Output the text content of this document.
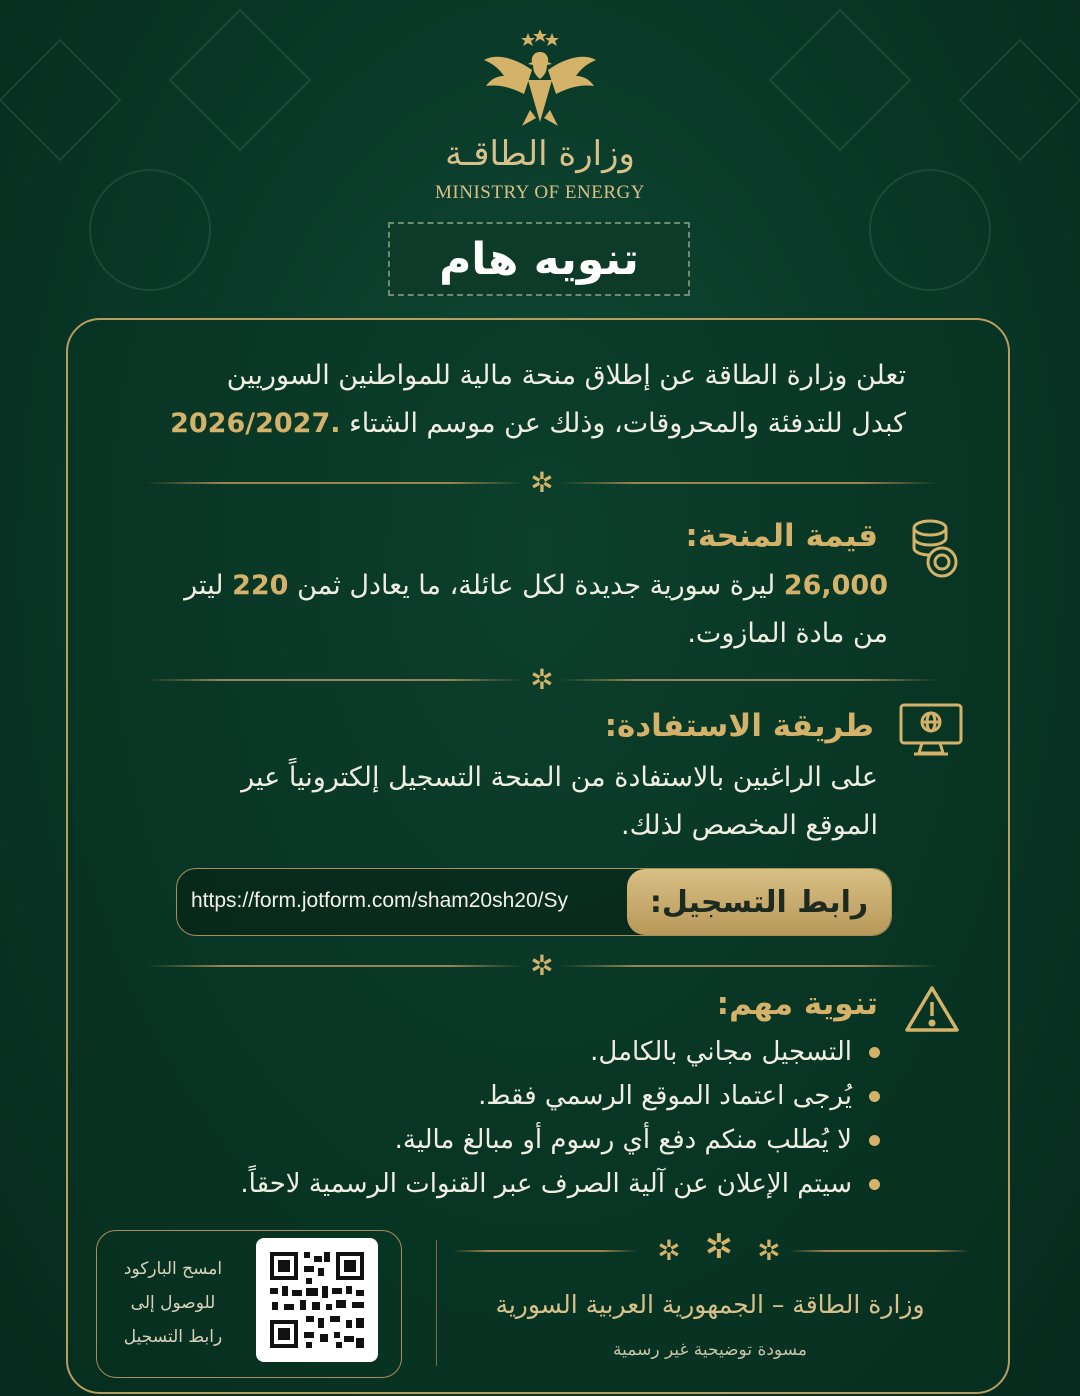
وزارة الطاقـة
MINISTRY OF ENERGY
تنويه هام
تعلن وزارة الطاقة عن إطلاق منحة مالية للمواطنين السوريين
كبدل للتدفئة والمحروقات، وذلك عن موسم الشتاء .2026/2027
✲
قيمة المنحة:
26,000 ليرة سورية جديدة لكل عائلة، ما يعادل ثمن 220 ليتر
من مادة المازوت.
✲
طريقة الاستفادة:
على الراغبين بالاستفادة من المنحة التسجيل إلكترونياً عير
الموقع المخصص لذلك.
https://form.jotform.com/sham20sh20/Sy	رابط التسجيل:
✲
تنوية مهم:
التسجيل مجاني بالكامل.
يُرجى اعتماد الموقع الرسمي فقط.
لا يُطلب منكم دفع أي رسوم أو مبالغ مالية.
سيتم الإعلان عن آلية الصرف عبر القنوات الرسمية لاحقاً.
امسح الباركود
للوصول إلى
رابط التسجيل
✲ ✲ ✲
وزارة الطاقة – الجمهورية العربية السورية
مسودة توضيحية غير رسمية
